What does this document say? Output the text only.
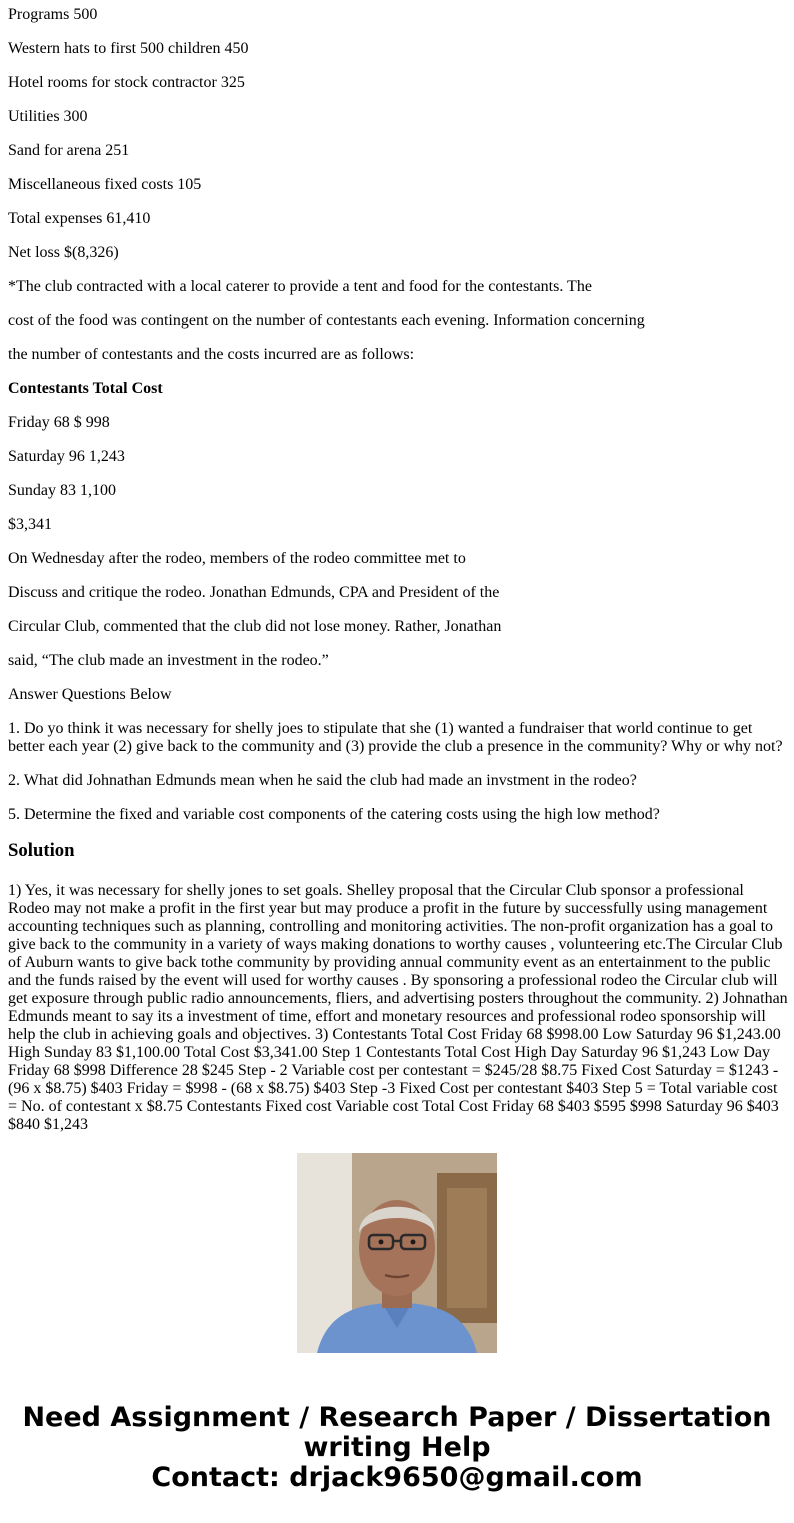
Programs 500

Western hats to first 500 children 450

Hotel rooms for stock contractor 325

Utilities 300

Sand for arena 251

Miscellaneous fixed costs 105

Total expenses 61,410

Net loss $(8,326)

*The club contracted with a local caterer to provide a tent and food for the contestants. The

cost of the food was contingent on the number of contestants each evening. Information concerning

the number of contestants and the costs incurred are as follows:

Contestants Total Cost

Friday 68 $ 998

Saturday 96 1,243

Sunday 83 1,100

$3,341

On Wednesday after the rodeo, members of the rodeo committee met to

Discuss and critique the rodeo. Jonathan Edmunds, CPA and President of the

Circular Club, commented that the club did not lose money. Rather, Jonathan

said, “The club made an investment in the rodeo.”

Answer Questions Below

1. Do yo think it was necessary for shelly joes to stipulate that she (1) wanted a fundraiser that world continue to get better each year (2) give back to the community and (3) provide the club a presence in the community? Why or why not?

2. What did Johnathan Edmunds mean when he said the club had made an invstment in the rodeo?

5. Determine the fixed and variable cost components of the catering costs using the high low method?

Solution
1) Yes, it was necessary for shelly jones to set goals. Shelley proposal that the Circular Club sponsor a professional Rodeo may not make a profit in the first year but may produce a profit in the future by successfully using management accounting techniques such as planning, controlling and monitoring activities. The non-profit organization has a goal to give back to the community in a variety of ways making donations to worthy causes , volunteering etc.The Circular Club of Auburn wants to give back tothe community by providing annual community event as an entertainment to the public and the funds raised by the event will used for worthy causes . By sponsoring a professional rodeo the Circular club will get exposure through public radio announcements, fliers, and advertising posters throughout the community. 2) Johnathan Edmunds meant to say its a investment of time, effort and monetary resources and professional rodeo sponsorship will help the club in achieving goals and objectives. 3) Contestants Total Cost Friday 68 $998.00 Low Saturday 96 $1,243.00 High Sunday 83 $1,100.00 Total Cost $3,341.00 Step 1 Contestants Total Cost High Day Saturday 96 $1,243 Low Day Friday 68 $998 Difference 28 $245 Step - 2 Variable cost per contestant = $245/28 $8.75 Fixed Cost Saturday = $1243 - (96 x $8.75) $403 Friday = $998 - (68 x $8.75) $403 Step -3 Fixed Cost per contestant $403 Step 5 = Total variable cost = No. of contestant x $8.75 Contestants Fixed cost Variable cost Total Cost Friday 68 $403 $595 $998 Saturday 96 $403 $840 $1,243
Need Assignment / Research Paper / Dissertation
writing Help
Contact: drjack9650@gmail.com
